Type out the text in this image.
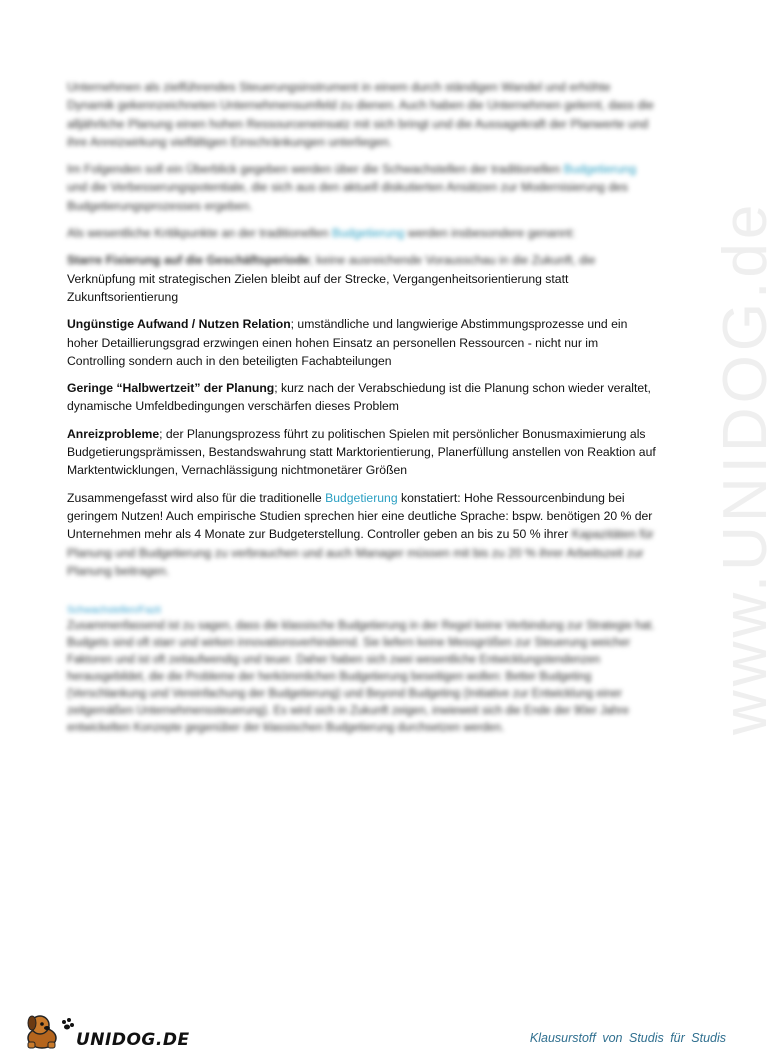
www.UNIDOG.de

Unternehmen als zielführendes Steuerungsinstrument in einem durch ständigen Wandel und erhöhte Dynamik gekennzeichneten Unternehmensumfeld zu dienen. Auch haben die Unternehmen gelernt, dass die alljährliche Planung einen hohen Ressourceneinsatz mit sich bringt und die Aussagekraft der Planwerte und ihre Anreizwirkung vielfältigen Einschränkungen unterliegen.

Im Folgenden soll ein Überblick gegeben werden über die Schwachstellen der traditionellen Budgetierung und die Verbesserungspotentiale, die sich aus den aktuell diskutierten Ansätzen zur Modernisierung des Budgetierungsprozesses ergeben.

Als wesentliche Kritikpunkte an der traditionellen Budgetierung werden insbesondere genannt:

Starre Fixierung auf die Geschäftsperiode; keine ausreichende Vorausschau in die Zukunft, die
Verknüpfung mit strategischen Zielen bleibt auf der Strecke, Vergangenheitsorientierung statt Zukunftsorientierung

Ungünstige Aufwand / Nutzen Relation; umständliche und langwierige Abstimmungsprozesse und ein hoher Detaillierungsgrad erzwingen einen hohen Einsatz an personellen Ressourcen - nicht nur im Controlling sondern auch in den beteiligten Fachabteilungen

Geringe “Halbwertzeit” der Planung; kurz nach der Verabschiedung ist die Planung schon wieder veraltet, dynamische Umfeldbedingungen verschärfen dieses Problem

Anreizprobleme; der Planungsprozess führt zu politischen Spielen mit persönlicher Bonusmaximierung als Budgetierungsprämissen, Bestandswahrung statt Marktorientierung, Planerfüllung anstellen von Reaktion auf Marktentwicklungen, Vernachlässigung nichtmonetärer Größen

Zusammengefasst wird also für die traditionelle Budgetierung konstatiert: Hohe Ressourcenbindung bei geringem Nutzen! Auch empirische Studien sprechen hier eine deutliche Sprache: bspw. benötigen 20 % der Unternehmen mehr als 4 Monate zur Budgeterstellung. Controller geben an bis zu 50 % ihrer Kapazitäten für Planung und Budgetierung zu verbrauchen und auch Manager müssen mit bis zu 20 % ihrer Arbeitszeit zur Planung beitragen.

Schwachstellen/Fazit

Zusammenfassend ist zu sagen, dass die klassische Budgetierung in der Regel keine Verbindung zur Strategie hat. Budgets sind oft starr und wirken innovationsverhindernd. Sie liefern keine Messgrößen zur Steuerung weicher Faktoren und ist oft zeitaufwendig und teuer. Daher haben sich zwei wesentliche Entwicklungstendenzen herausgebildet, die die Probleme der herkömmlichen Budgetierung beseitigen wollen: Better Budgeting (Verschlankung und Vereinfachung der Budgetierung) und Beyond Budgeting (Initiative zur Entwicklung einer zeitgemäßen Unternehmenssteuerung). Es wird sich in Zukunft zeigen, inwieweit sich die Ende der 90er Jahre entwickelten Konzepte gegenüber der klassischen Budgetierung durchsetzen werden.

UNIDOG.DE	Klausurstoff von Studis für Studis
